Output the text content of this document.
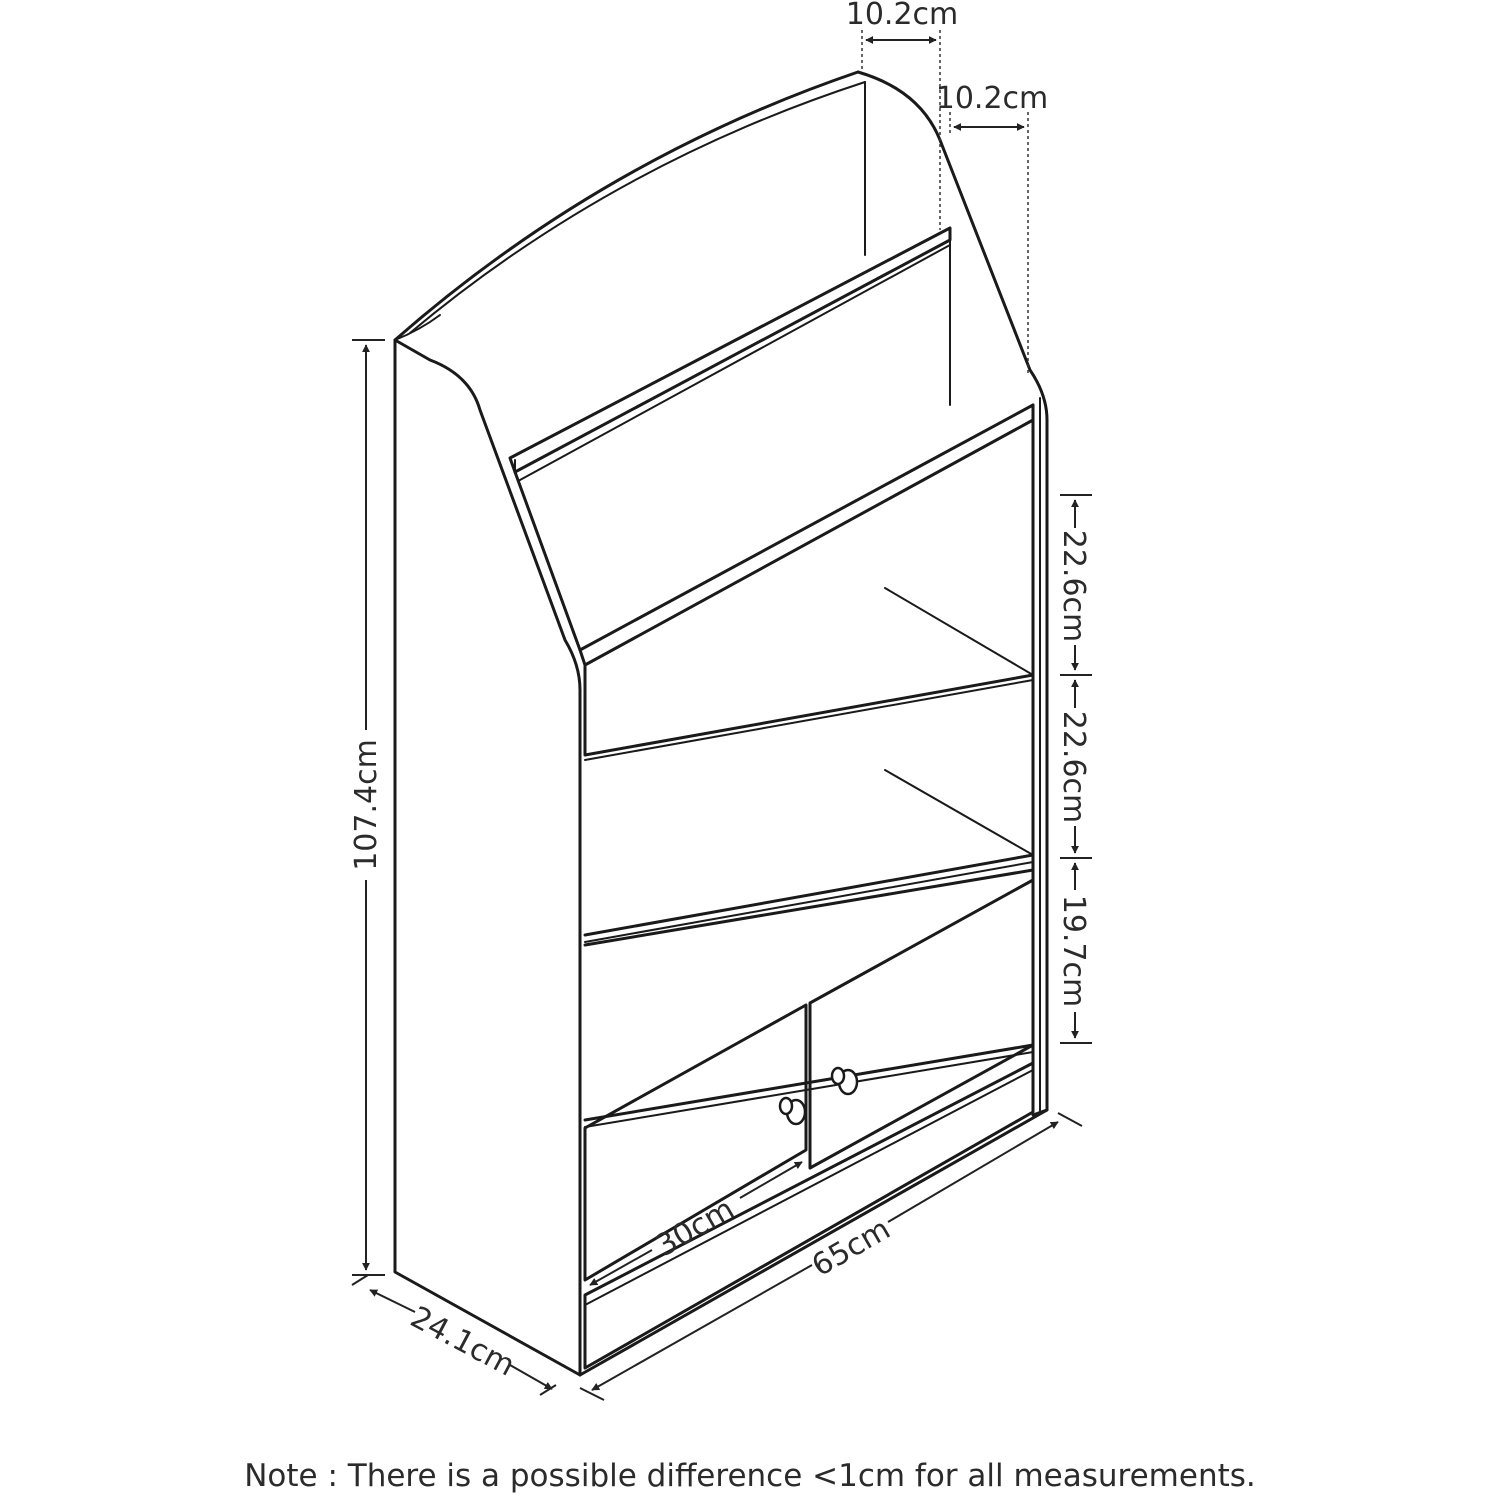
10.2cm
10.2cm
107.4cm
22.6cm
22.6cm
19.7cm
30cm 65cm
24.1cm

Note : There is a possible difference <1cm for all measurements.
